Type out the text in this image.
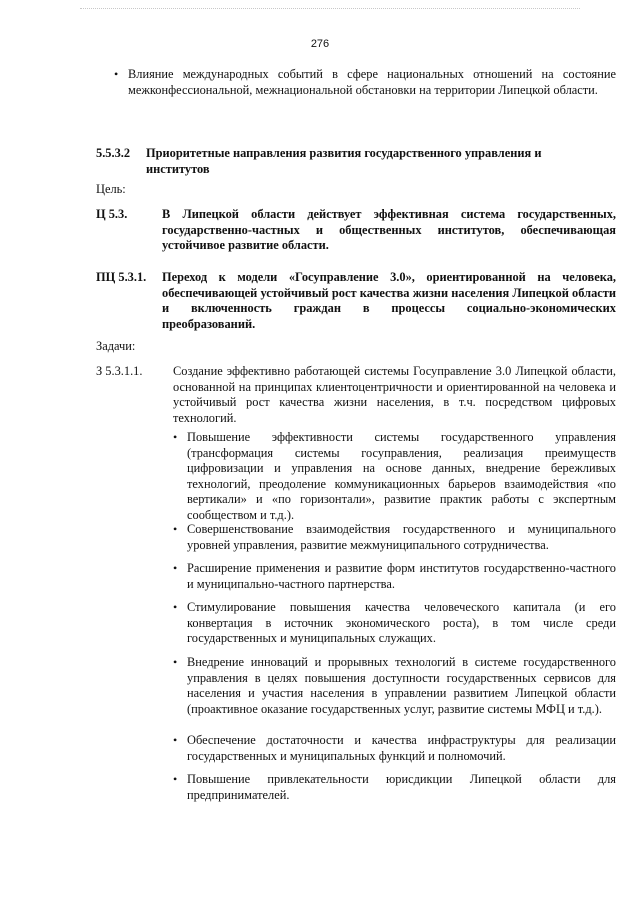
276
• Влияние международных событий в сфере национальных отношений на состояние межконфессиональной, межнациональной обстановки на территории Липецкой области.
5.5.3.2	Приоритетные направления развития государственного управления и институтов
Цель:
Ц 5.3.	В Липецкой области действует эффективная система государственных, государственно-частных и общественных институтов, обеспечивающая устойчивое развитие области.
ПЦ 5.3.1.	Переход к модели «Госуправление 3.0», ориентированной на человека, обеспечивающей устойчивый рост качества жизни населения Липецкой области и включенность граждан в процессы социально-экономических преобразований.
Задачи:
З 5.3.1.1.	Создание эффективно работающей системы Госуправление 3.0 Липецкой области, основанной на принципах клиентоцентричности и ориентированной на человека и устойчивый рост качества жизни населения, в т.ч. посредством цифровых технологий.
• Повышение эффективности системы государственного управления (трансформация системы госуправления, реализация преимуществ цифровизации и управления на основе данных, внедрение бережливых технологий, преодоление коммуникационных барьеров взаимодействия «по вертикали» и «по горизонтали», развитие практик работы с экспертным сообществом и т.д.).
• Совершенствование взаимодействия государственного и муниципального уровней управления, развитие межмуниципального сотрудничества.
• Расширение применения и развитие форм институтов государственно-частного и муниципально-частного партнерства.
• Стимулирование повышения качества человеческого капитала (и его конвертация в источник экономического роста), в том числе среди государственных и муниципальных служащих.
• Внедрение инноваций и прорывных технологий в системе государственного управления в целях повышения доступности государственных сервисов для населения и участия населения в управлении развитием Липецкой области (проактивное оказание государственных услуг, развитие системы МФЦ и т.д.).
• Обеспечение достаточности и качества инфраструктуры для реализации государственных и муниципальных функций и полномочий.
• Повышение привлекательности юрисдикции Липецкой области для предпринимателей.
